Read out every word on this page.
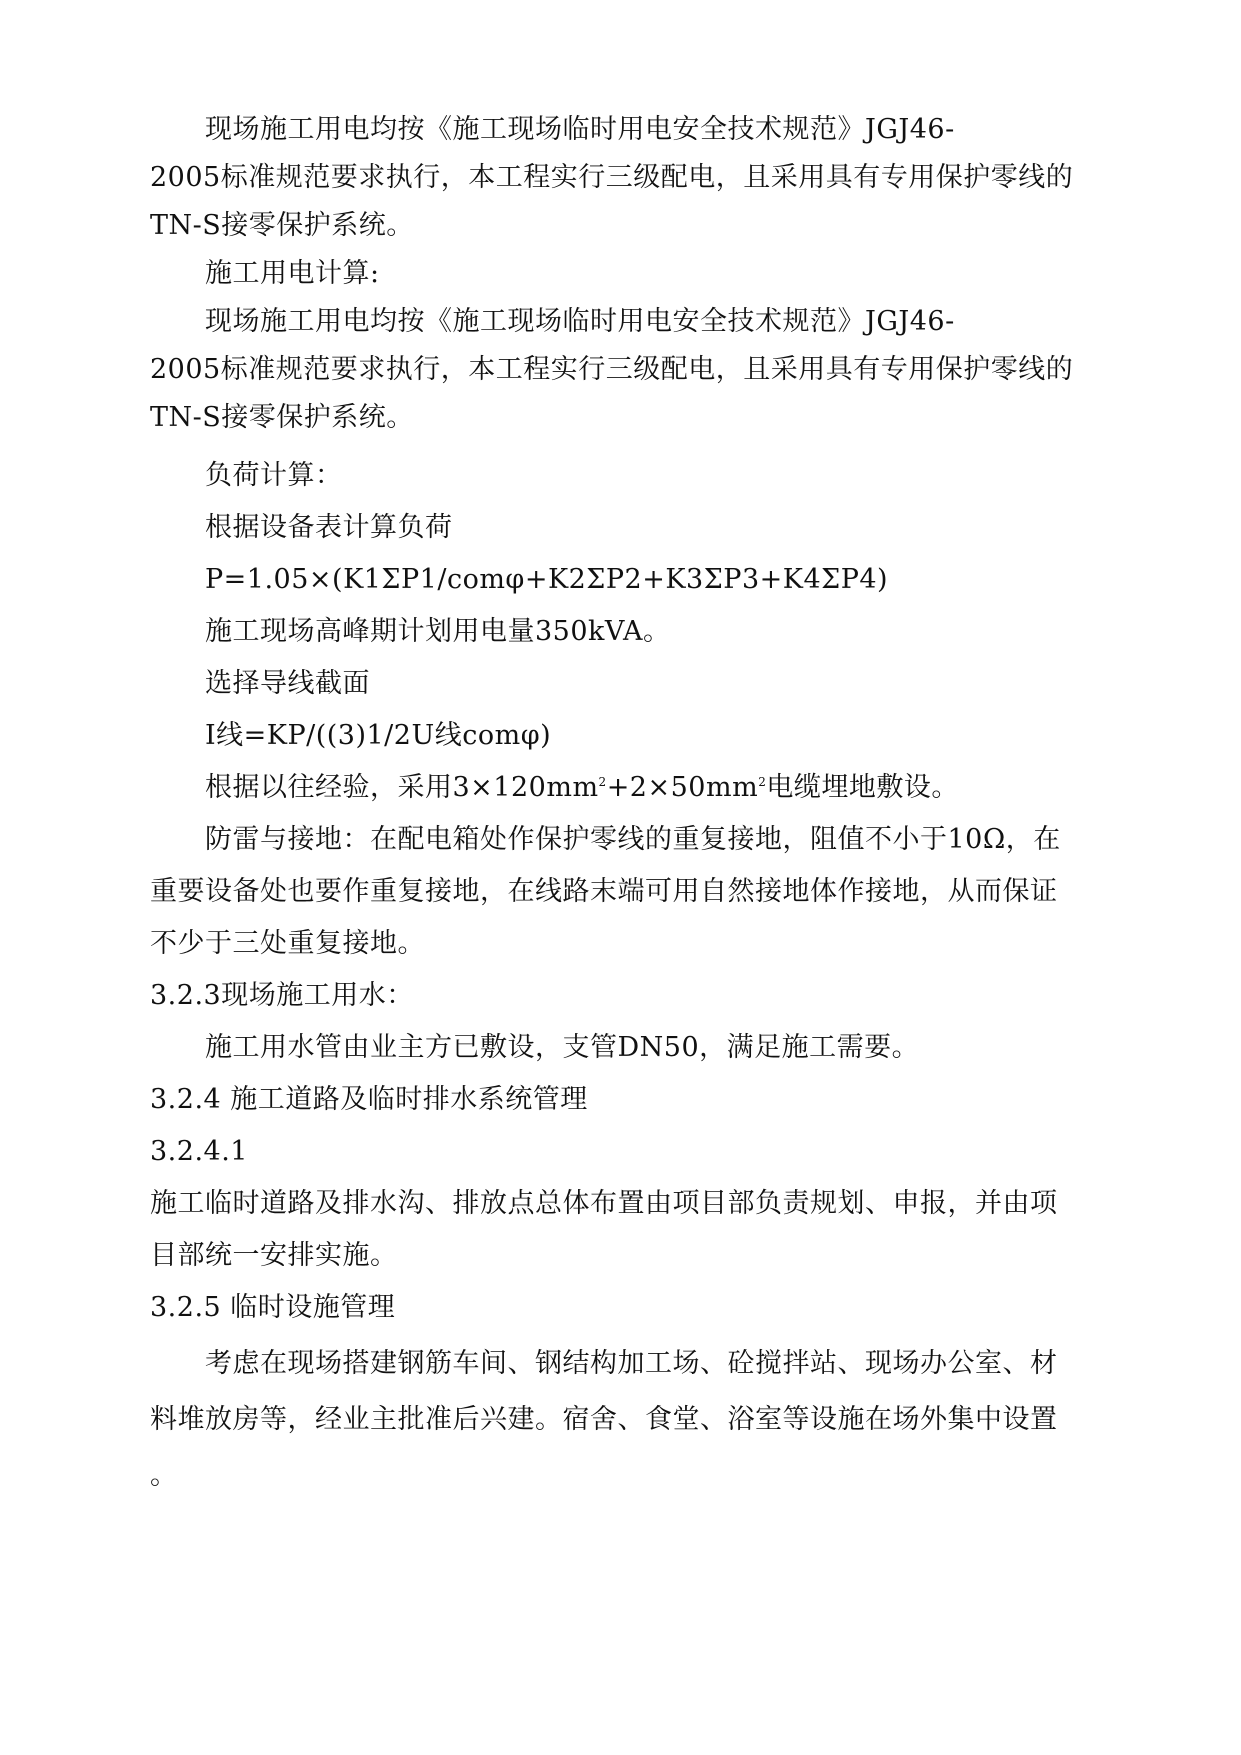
现场施工用电均按《施工现场临时用电安全技术规范》JGJ46-
2005标准规范要求执行，本工程实行三级配电，且采用具有专用保护零线的
TN-S接零保护系统。
施工用电计算:
现场施工用电均按《施工现场临时用电安全技术规范》JGJ46-
2005标准规范要求执行，本工程实行三级配电，且采用具有专用保护零线的
TN-S接零保护系统。
负荷计算：
根据设备表计算负荷
P=1.05×(K1ΣP1/comφ+K2ΣP2+K3ΣP3+K4ΣP4)
施工现场高峰期计划用电量350kVA。
选择导线截面
I线=KP/((3)1/2U线comφ)
根据以往经验，采用$3\times 120mm^2+2\times 50mm^2$电缆埋地敷设。
防雷与接地：在配电箱处作保护零线的重复接地，阻值不小于10Ω，在
重要设备处也要作重复接地，在线路末端可用自然接地体作接地，从而保证
不少于三处重复接地。
3.2.3现场施工用水：
施工用水管由业主方已敷设，支管DN50，满足施工需要。
3.2.4 施工道路及临时排水系统管理
3.2.4.1
施工临时道路及排水沟、排放点总体布置由项目部负责规划、申报，并由项
目部统一安排实施。
3.2.5 临时设施管理
考虑在现场搭建钢筋车间、钢结构加工场、砼搅拌站、现场办公室、材
料堆放房等，经业主批准后兴建。宿舍、食堂、浴室等设施在场外集中设置
。
